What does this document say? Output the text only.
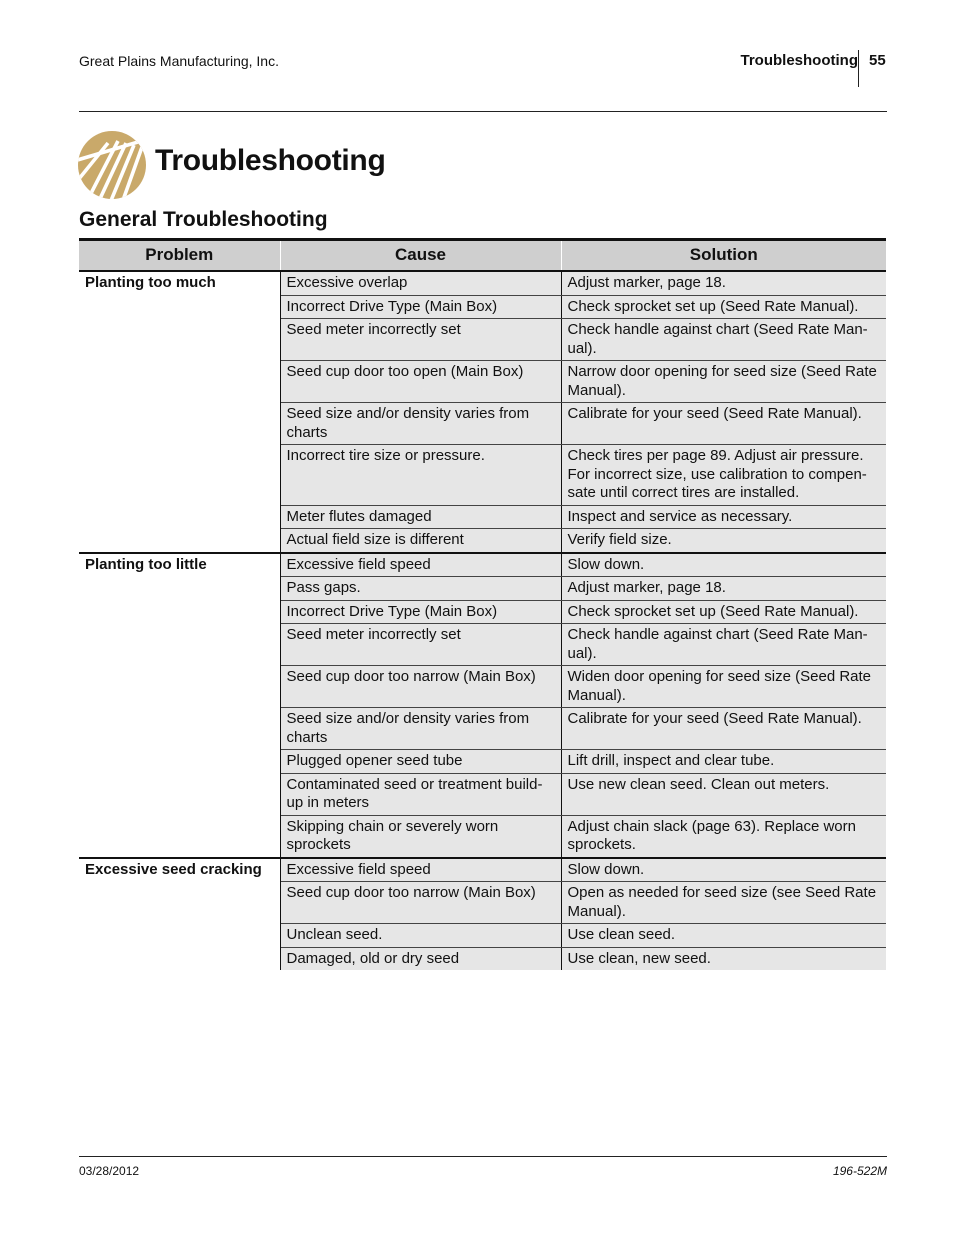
Great Plains Manufacturing, Inc.	Troubleshooting 55
Troubleshooting
General Troubleshooting
Problem	Cause	Solution
Planting too much	Excessive overlap	Adjust marker, page 18.
	Incorrect Drive Type (Main Box)	Check sprocket set up (Seed Rate Manual).
	Seed meter incorrectly set	Check handle against chart (Seed Rate Man-ual).
	Seed cup door too open (Main Box)	Narrow door opening for seed size (Seed Rate Manual).
	Seed size and/or density varies from charts	Calibrate for your seed (Seed Rate Manual).
	Incorrect tire size or pressure.	Check tires per page 89. Adjust air pressure. For incorrect size, use calibration to compen-sate until correct tires are installed.
	Meter flutes damaged	Inspect and service as necessary.
	Actual field size is different	Verify field size.
Planting too little	Excessive field speed	Slow down.
	Pass gaps.	Adjust marker, page 18.
	Incorrect Drive Type (Main Box)	Check sprocket set up (Seed Rate Manual).
	Seed meter incorrectly set	Check handle against chart (Seed Rate Man-ual).
	Seed cup door too narrow (Main Box)	Widen door opening for seed size (Seed Rate Manual).
	Seed size and/or density varies from charts	Calibrate for your seed (Seed Rate Manual).
	Plugged opener seed tube	Lift drill, inspect and clear tube.
	Contaminated seed or treatment build-up in meters	Use new clean seed. Clean out meters.
	Skipping chain or severely worn sprockets	Adjust chain slack (page 63). Replace worn sprockets.
Excessive seed cracking	Excessive field speed	Slow down.
	Seed cup door too narrow (Main Box)	Open as needed for seed size (see Seed Rate Manual).
	Unclean seed.	Use clean seed.
	Damaged, old or dry seed	Use clean, new seed.
03/28/2012	196-522M
